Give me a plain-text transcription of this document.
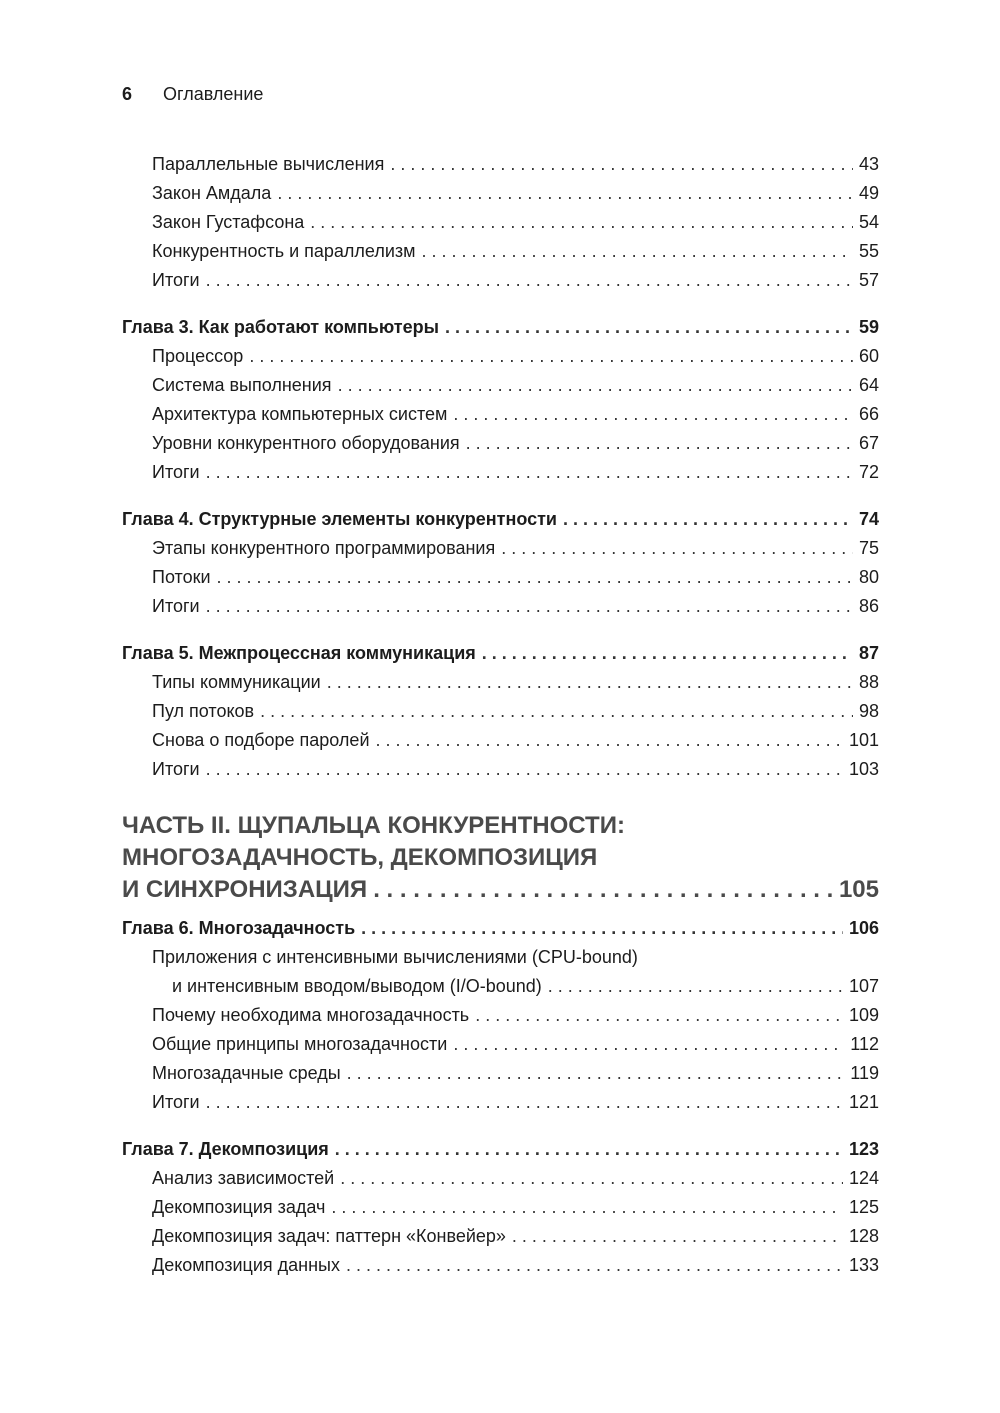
6 Оглавление
Параллельные вычисления . . .	43
Закон Амдала . . .	49
Закон Густафсона . . .	54
Конкурентность и параллелизм . . .	55
Итоги . . .	57
Глава 3. Как работают компьютеры . . .	59
Процессор . . .	60
Система выполнения . . .	64
Архитектура компьютерных систем . . .	66
Уровни конкурентного оборудования . . .	67
Итоги . . .	72
Глава 4. Структурные элементы конкурентности . . .	74
Этапы конкурентного программирования . . .	75
Потоки . . .	80
Итоги . . .	86
Глава 5. Межпроцессная коммуникация . . .	87
Типы коммуникации . . .	88
Пул потоков . . .	98
Снова о подборе паролей . . .	101
Итоги . . .	103
ЧАСТЬ II. ЩУПАЛЬЦА КОНКУРЕНТНОСТИ:
МНОГОЗАДАЧНОСТЬ, ДЕКОМПОЗИЦИЯ
И СИНХРОНИЗАЦИЯ . . .	105
Глава 6. Многозадачность . . .	106
Приложения с интенсивными вычислениями (CPU-bound)
и интенсивным вводом/выводом (I/O-bound) . . .	107
Почему необходима многозадачность . . .	109
Общие принципы многозадачности . . .	112
Многозадачные среды . . .	119
Итоги . . .	121
Глава 7. Декомпозиция . . .	123
Анализ зависимостей . . .	124
Декомпозиция задач . . .	125
Декомпозиция задач: паттерн «Конвейер» . . .	128
Декомпозиция данных . . .	133
